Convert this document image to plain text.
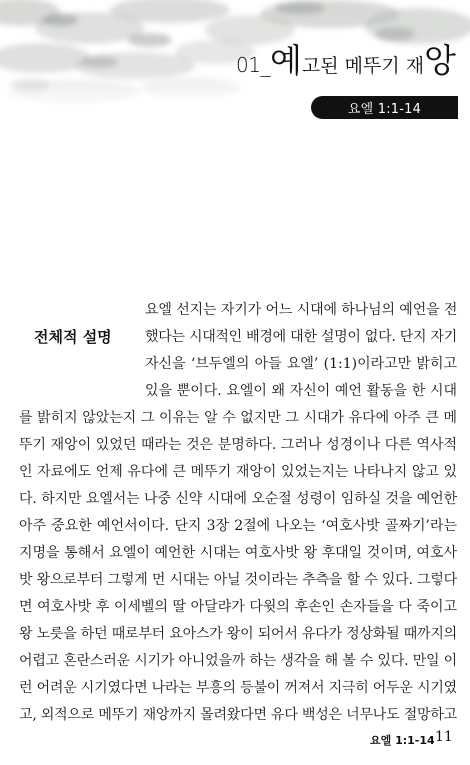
01_예고된 메뚜기 재앙
요엘 1:1-14
전체적 설명
요엘 선지는 자기가 어느 시대에 하나님의 예언을 전
했다는 시대적인 배경에 대한 설명이 없다. 단지 자기
자신을 ‘브두엘의 아들 요엘’ (1:1)이라고만 밝히고
있을 뿐이다. 요엘이 왜 자신이 예언 활동을 한 시대
를 밝히지 않았는지 그 이유는 알 수 없지만 그 시대가 유다에 아주 큰 메
뚜기 재앙이 있었던 때라는 것은 분명하다. 그러나 성경이나 다른 역사적
인 자료에도 언제 유다에 큰 메뚜기 재앙이 있었는지는 나타나지 않고 있
다. 하지만 요엘서는 나중 신약 시대에 오순절 성령이 임하실 것을 예언한
아주 중요한 예언서이다. 단지 3장 2절에 나오는 ‘여호사밧 골짜기’라는
지명을 통해서 요엘이 예언한 시대는 여호사밧 왕 후대일 것이며, 여호사
밧 왕으로부터 그렇게 먼 시대는 아닐 것이라는 추측을 할 수 있다. 그렇다
면 여호사밧 후 이세벨의 딸 아달랴가 다윗의 후손인 손자들을 다 죽이고
왕 노릇을 하던 때로부터 요아스가 왕이 되어서 유다가 정상화될 때까지의
어렵고 혼란스러운 시기가 아니었을까 하는 생각을 해 볼 수 있다. 만일 이
런 어려운 시기였다면 나라는 부흥의 등불이 꺼져서 지극히 어두운 시기였
고, 외적으로 메뚜기 재앙까지 몰려왔다면 유다 백성은 너무나도 절망하고
요엘 1:1-14 11
